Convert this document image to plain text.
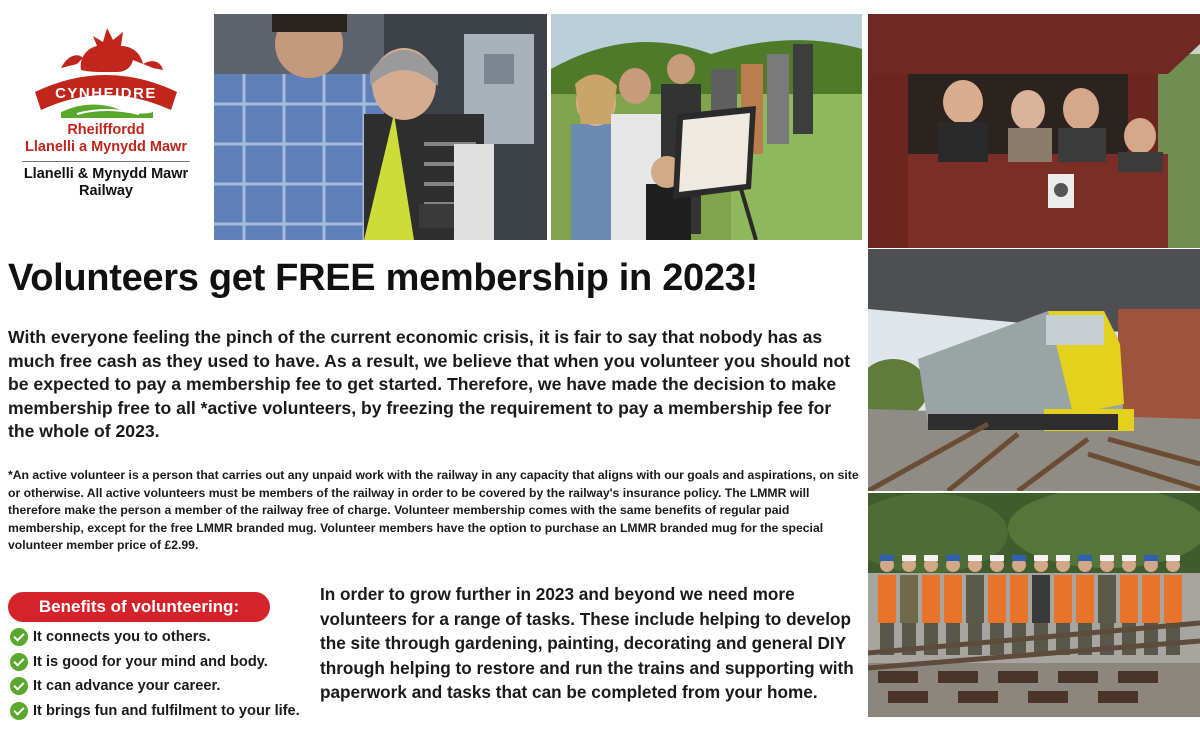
CYNHEIDRE
Rheilffordd
Llanelli a Mynydd Mawr
Llanelli & Mynydd Mawr
Railway
Volunteers get FREE membership in 2023!

With everyone feeling the pinch of the current economic crisis, it is fair to say that nobody has as much free cash as they used to have. As a result, we believe that when you volunteer you should not be expected to pay a membership fee to get started. Therefore, we have made the decision to make membership free to all *active volunteers, by freezing the requirement to pay a membership fee for the whole of 2023.

*An active volunteer is a person that carries out any unpaid work with the railway in any capacity that aligns with our goals and aspirations, on site or otherwise. All active volunteers must be members of the railway in order to be covered by the railway's insurance policy. The LMMR will therefore make the person a member of the railway free of charge. Volunteer membership comes with the same benefits of regular paid membership, except for the free LMMR branded mug. Volunteer members have the option to purchase an LMMR branded mug for the special volunteer member price of £2.99.

Benefits of volunteering:
It connects you to others.
It is good for your mind and body.
It can advance your career.
It brings fun and fulfilment to your life.

In order to grow further in 2023 and beyond we need more volunteers for a range of tasks. These include helping to develop the site through gardening, painting, decorating and general DIY through helping to restore and run the trains and supporting with paperwork and tasks that can be completed from your home.
